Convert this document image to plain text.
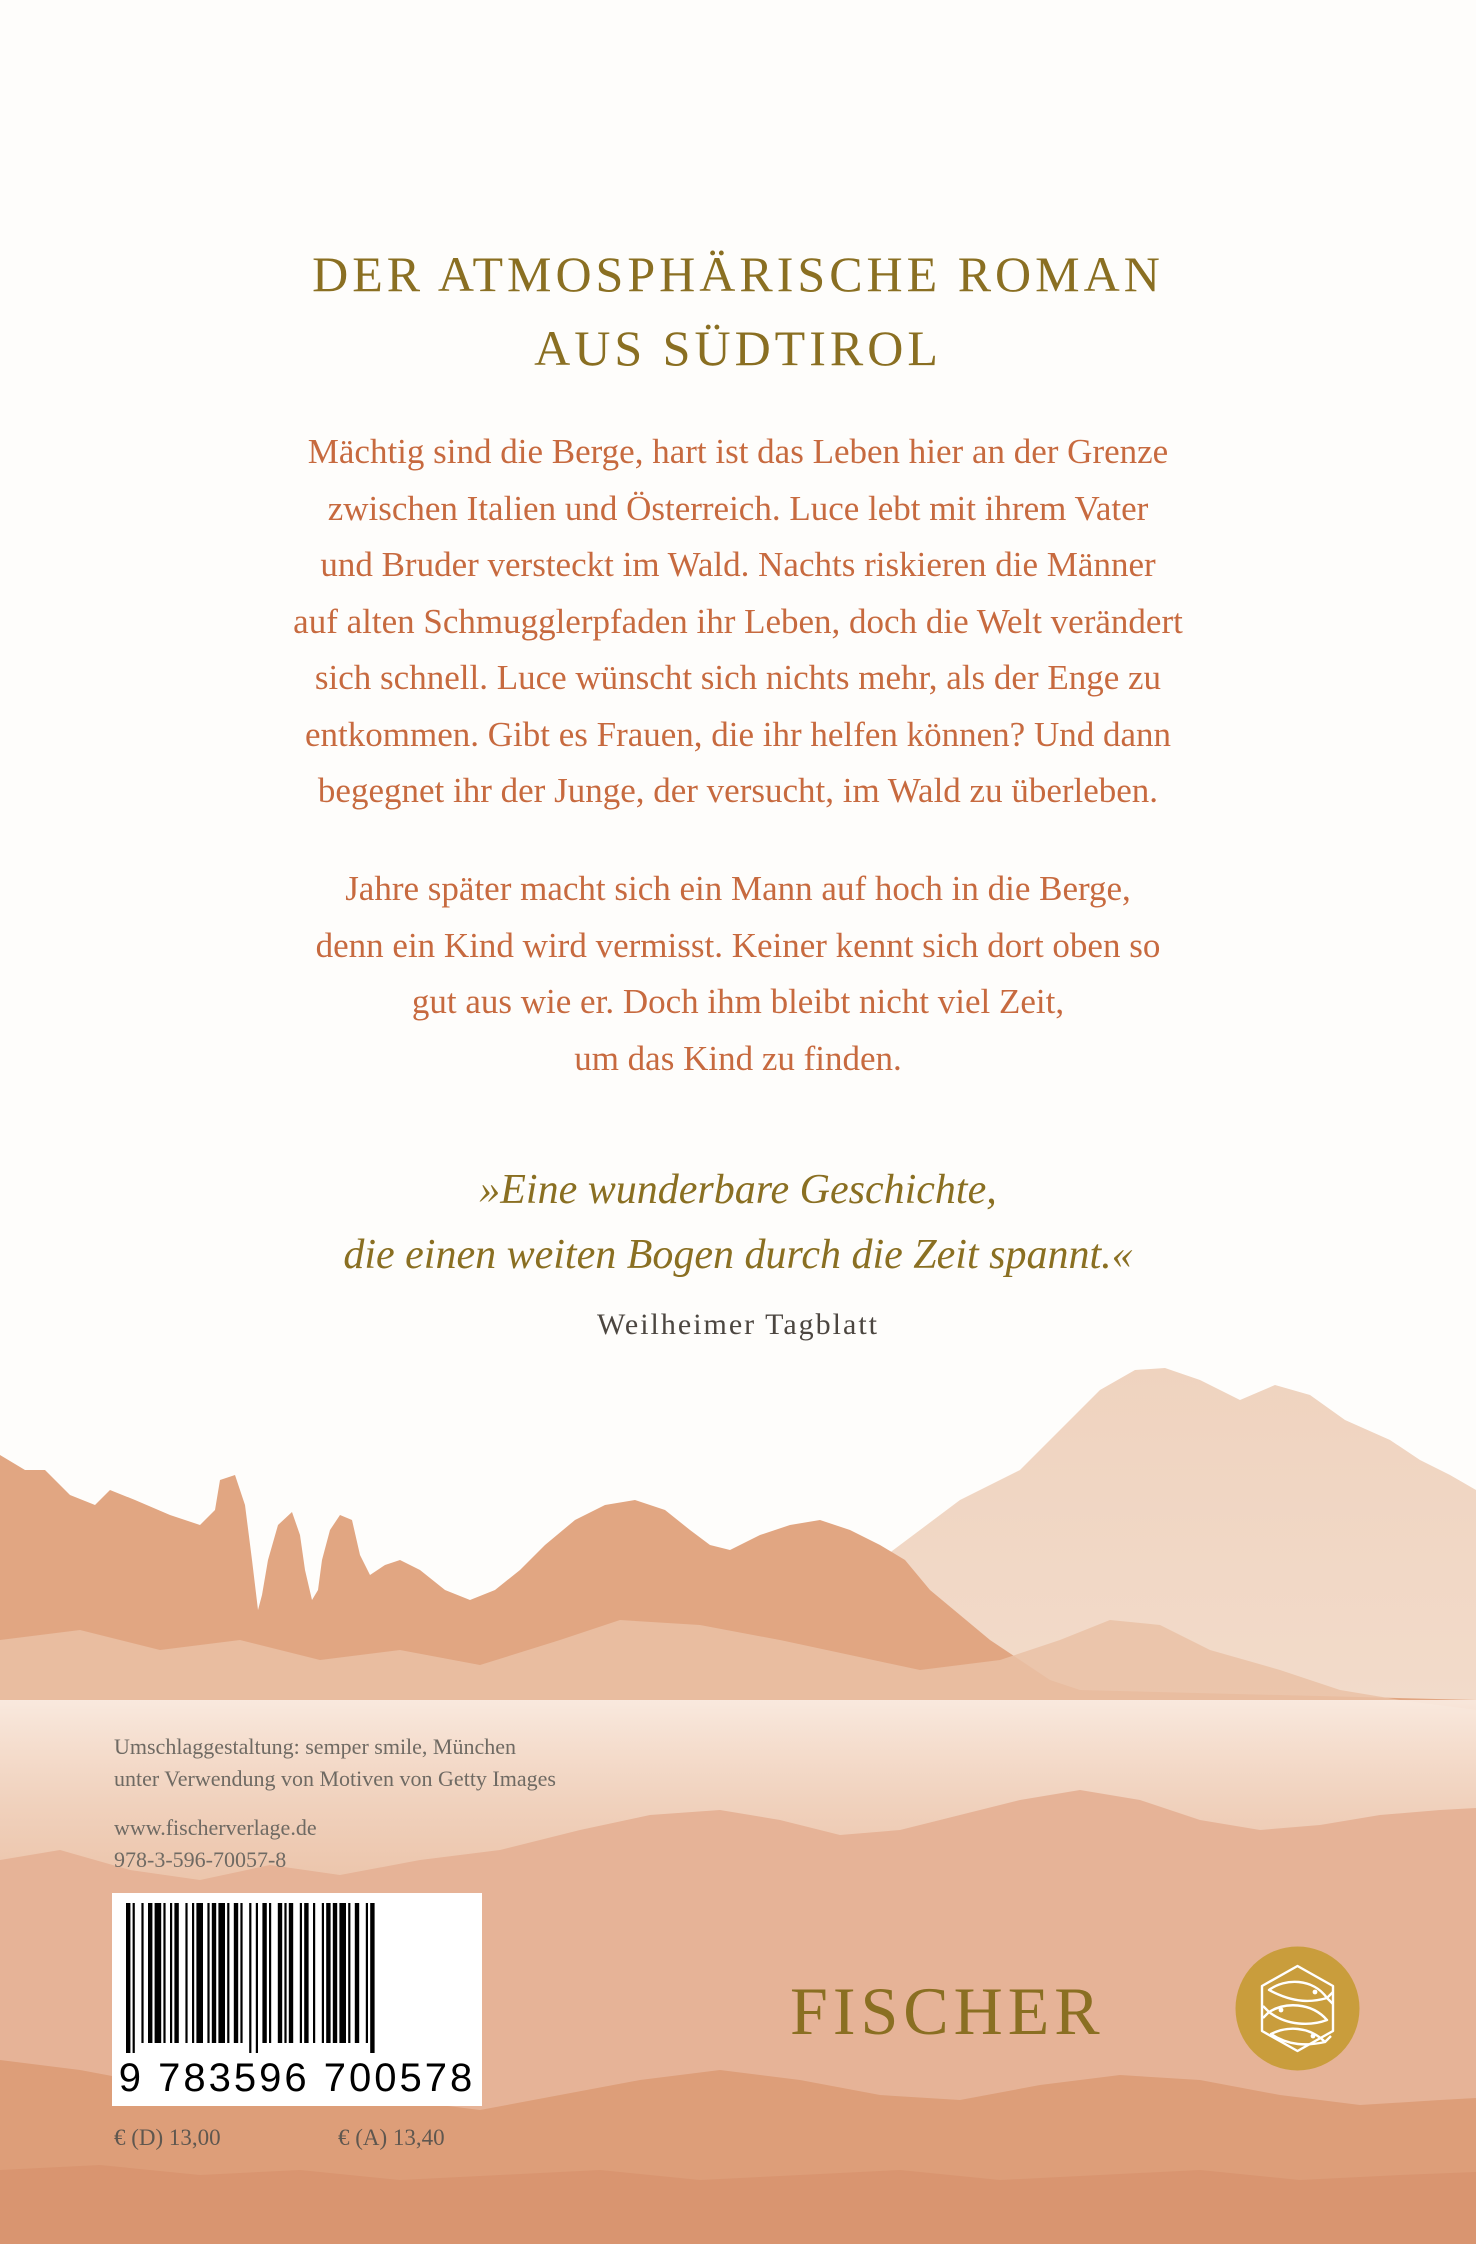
DER ATMOSPHÄRISCHE ROMAN
AUS SÜDTIROL
Mächtig sind die Berge, hart ist das Leben hier an der Grenze
zwischen Italien und Österreich. Luce lebt mit ihrem Vater
und Bruder versteckt im Wald. Nachts riskieren die Männer
auf alten Schmugglerpfaden ihr Leben, doch die Welt verändert
sich schnell. Luce wünscht sich nichts mehr, als der Enge zu
entkommen. Gibt es Frauen, die ihr helfen können? Und dann
begegnet ihr der Junge, der versucht, im Wald zu überleben.
Jahre später macht sich ein Mann auf hoch in die Berge,
denn ein Kind wird vermisst. Keiner kennt sich dort oben so
gut aus wie er. Doch ihm bleibt nicht viel Zeit,
um das Kind zu finden.
»Eine wunderbare Geschichte,
die einen weiten Bogen durch die Zeit spannt.«
Weilheimer Tagblatt
Umschlaggestaltung: semper smile, München
unter Verwendung von Motiven von Getty Images
www.fischerverlage.de
978-3-596-70057-8
9 783596 700578
€ (D) 13,00	€ (A) 13,40
FISCHER
